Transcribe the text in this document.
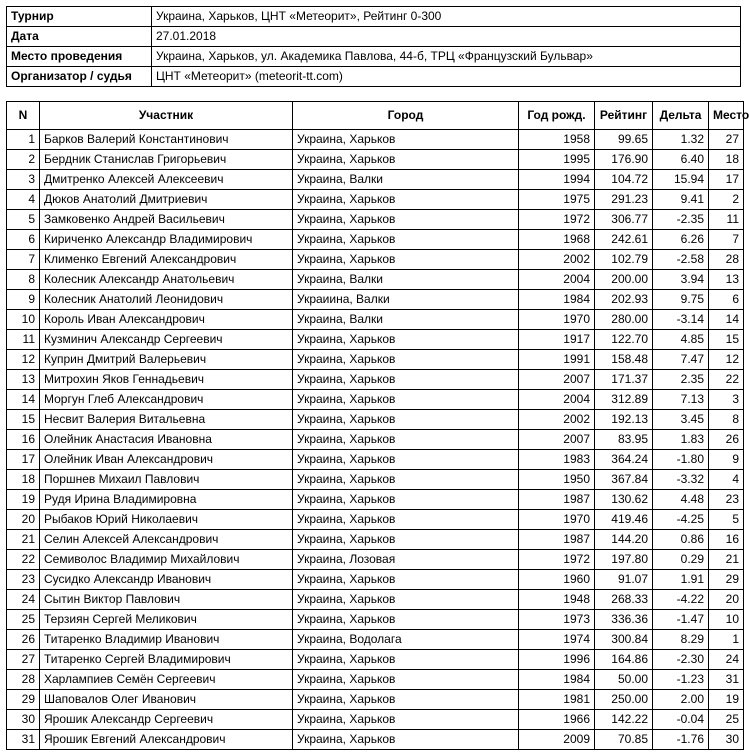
Турнир	Украина, Харьков, ЦНТ «Метеорит», Рейтинг 0-300
Дата	27.01.2018
Место проведения	Украина, Харьков, ул. Академика Павлова, 44-б, ТРЦ «Французский Бульвар»
Организатор / судья	ЦНТ «Метеорит» (meteorit-tt.com)
N	Участник	Город	Год рожд.	Рейтинг	Дельта	Место
1	Барков Валерий Константинович	Украина, Харьков	1958	99.65	1.32	27
2	Бердник Станислав Григорьевич	Украина, Харьков	1995	176.90	6.40	18
3	Дмитренко Алексей Алексеевич	Украина, Валки	1994	104.72	15.94	17
4	Дюков Анатолий Дмитриевич	Украина, Харьков	1975	291.23	9.41	2
5	Замковенко Андрей Васильевич	Украина, Харьков	1972	306.77	-2.35	11
6	Кириченко Александр Владимирович	Украина, Харьков	1968	242.61	6.26	7
7	Клименко Евгений Александрович	Украина, Харьков	2002	102.79	-2.58	28
8	Колесник Александр Анатольевич	Украина, Валки	2004	200.00	3.94	13
9	Колесник Анатолий Леонидович	Украиина, Валки	1984	202.93	9.75	6
10	Король Иван Александрович	Украина, Валки	1970	280.00	-3.14	14
11	Кузминич Александр Сергеевич	Украина, Харьков	1917	122.70	4.85	15
12	Куприн Дмитрий Валерьевич	Украина, Харьков	1991	158.48	7.47	12
13	Митрохин Яков Геннадьевич	Украина, Харьков	2007	171.37	2.35	22
14	Моргун Глеб Александрович	Украина, Харьков	2004	312.89	7.13	3
15	Несвит Валерия Витальевна	Украина, Харьков	2002	192.13	3.45	8
16	Олейник Анастасия Ивановна	Украина, Харьков	2007	83.95	1.83	26
17	Олейник Иван Александрович	Украина, Харьков	1983	364.24	-1.80	9
18	Поршнев Михаил Павлович	Украина, Харьков	1950	367.84	-3.32	4
19	Рудя Ирина Владимировна	Украина, Харьков	1987	130.62	4.48	23
20	Рыбаков Юрий Николаевич	Украина, Харьков	1970	419.46	-4.25	5
21	Селин Алексей Александрович	Украина, Харьков	1987	144.20	0.86	16
22	Семиволос Владимир Михайлович	Украина, Лозовая	1972	197.80	0.29	21
23	Сусидко Александр Иванович	Украина, Харьков	1960	91.07	1.91	29
24	Сытин Виктор Павлович	Украина, Харьков	1948	268.33	-4.22	20
25	Терзиян Сергей Меликович	Украина, Харьков	1973	336.36	-1.47	10
26	Титаренко Владимир Иванович	Украина, Водолага	1974	300.84	8.29	1
27	Титаренко Сергей Владимирович	Украина, Харьков	1996	164.86	-2.30	24
28	Харлампиев Семён Сергеевич	Украина, Харьков	1984	50.00	-1.23	31
29	Шаповалов Олег Иванович	Украина, Харьков	1981	250.00	2.00	19
30	Ярошик Александр Сергеевич	Украина, Харьков	1966	142.22	-0.04	25
31	Ярошик Евгений Александрович	Украина, Харьков	2009	70.85	-1.76	30
